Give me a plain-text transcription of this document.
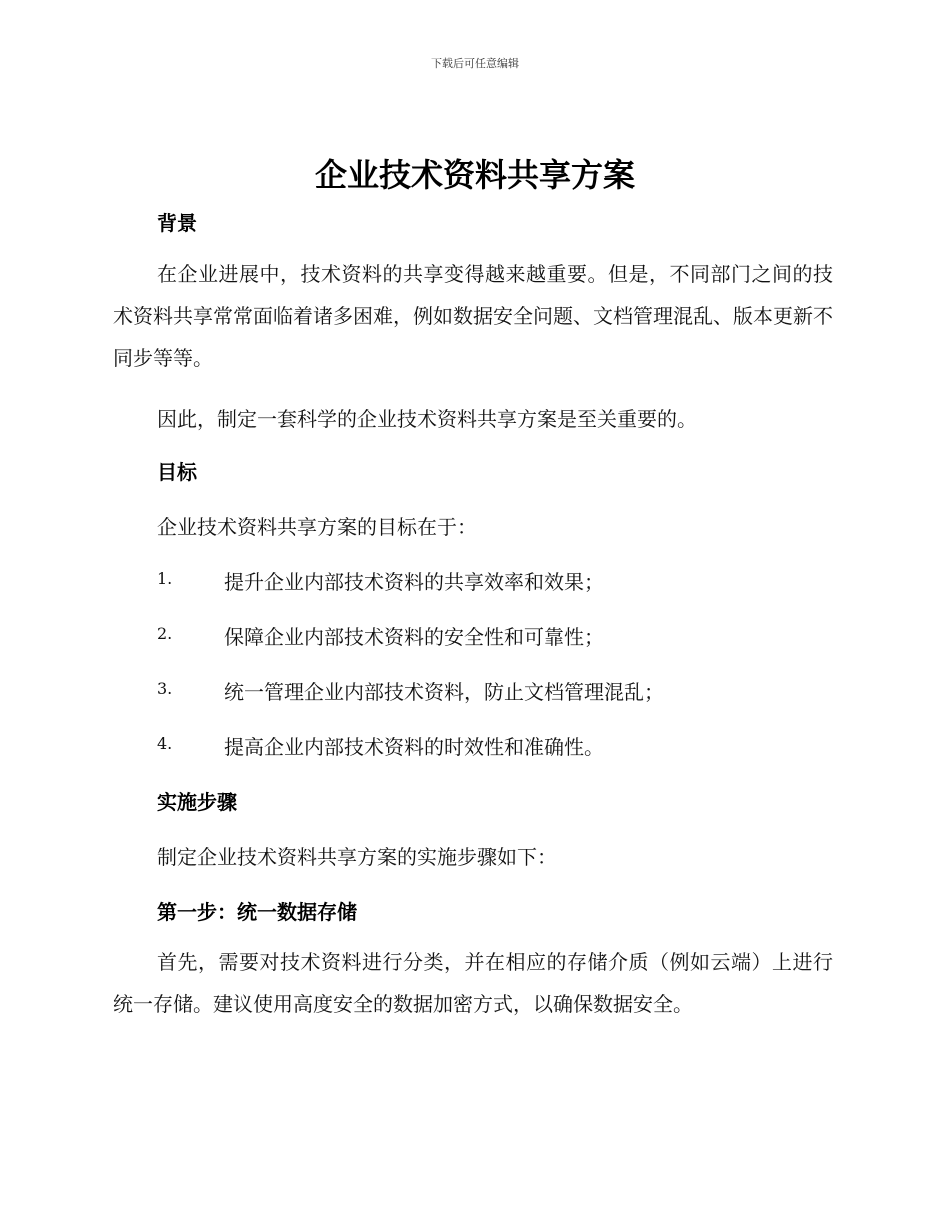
下载后可任意编辑
企业技术资料共享方案
背景
在企业进展中，技术资料的共享变得越来越重要。但是，不同部门之间的技术资料共享常常面临着诸多困难，例如数据安全问题、文档管理混乱、版本更新不同步等等。
因此，制定一套科学的企业技术资料共享方案是至关重要的。
目标
企业技术资料共享方案的目标在于：
1.	提升企业内部技术资料的共享效率和效果；
2.	保障企业内部技术资料的安全性和可靠性；
3.	统一管理企业内部技术资料，防止文档管理混乱；
4.	提高企业内部技术资料的时效性和准确性。
实施步骤
制定企业技术资料共享方案的实施步骤如下：
第一步：统一数据存储
首先，需要对技术资料进行分类，并在相应的存储介质（例如云端）上进行统一存储。建议使用高度安全的数据加密方式，以确保数据安全。
